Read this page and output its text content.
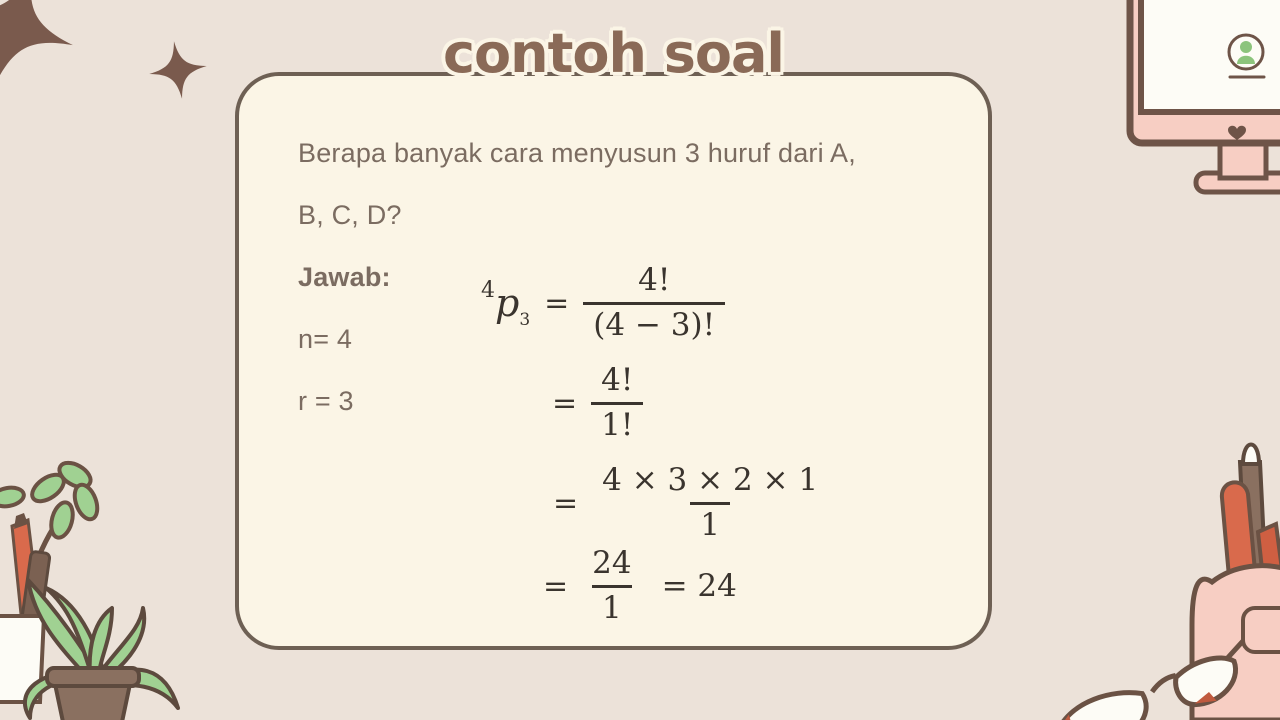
contoh soal
Berapa banyak cara menyusun 3 huruf dari A,
B, C, D?
Jawab:
n= 4
r = 3
4 p $3 = \frac{4!}{(4 - 3)!}$
= $\frac{4!}{1!}$
= $\frac{4 \times 3 \times 2 \times 1}{1}$
= $\frac{24}{1} = 24$
